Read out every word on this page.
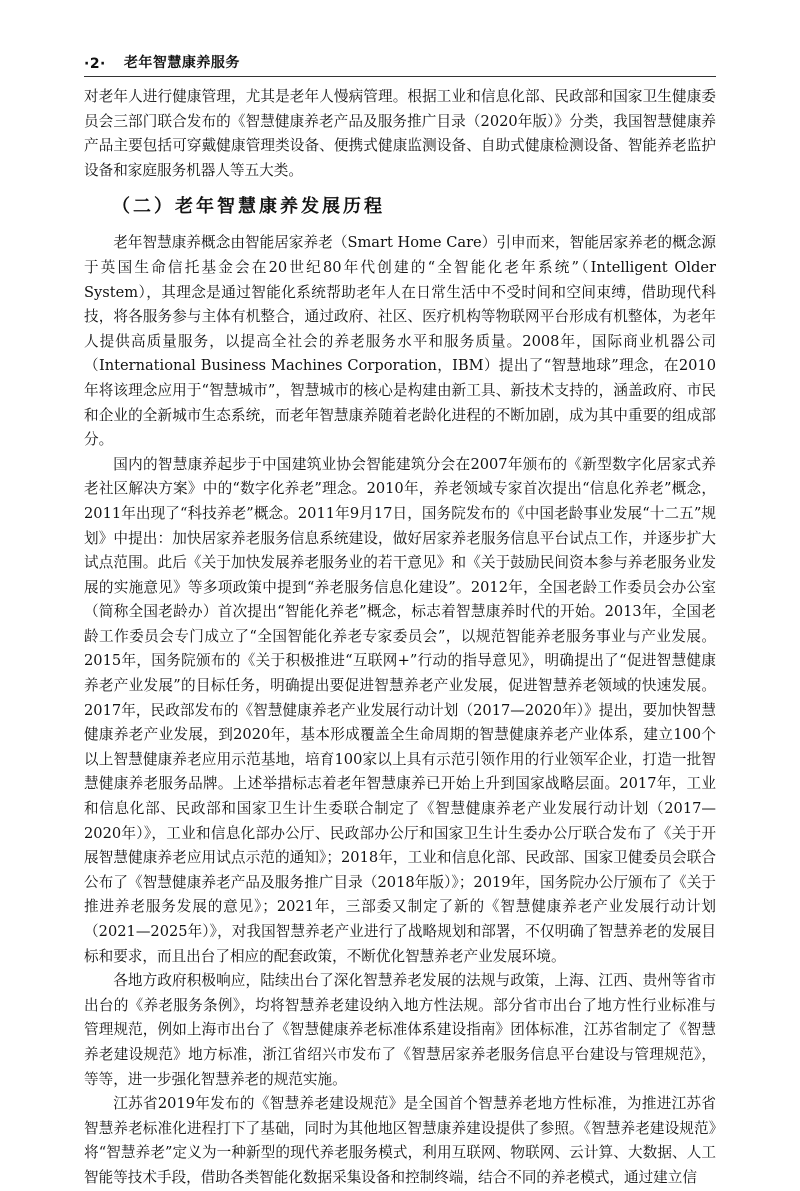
·2· 老年智慧康养服务

对老年人进行健康管理，尤其是老年人慢病管理。根据工业和信息化部、民政部和国家卫生健康委员会三部门联合发布的《智慧健康养老产品及服务推广目录（2020年版）》分类，我国智慧健康养产品主要包括可穿戴健康管理类设备、便携式健康监测设备、自助式健康检测设备、智能养老监护设备和家庭服务机器人等五大类。

（二）老年智慧康养发展历程

老年智慧康养概念由智能居家养老（Smart Home Care）引申而来，智能居家养老的概念源于英国生命信托基金会在20世纪80年代创建的“全智能化老年系统”（Intelligent Older System），其理念是通过智能化系统帮助老年人在日常生活中不受时间和空间束缚，借助现代科技，将各服务参与主体有机整合，通过政府、社区、医疗机构等物联网平台形成有机整体，为老年人提供高质量服务，以提高全社会的养老服务水平和服务质量。2008年，国际商业机器公司（International Business Machines Corporation，IBM）提出了“智慧地球”理念，在2010年将该理念应用于“智慧城市”，智慧城市的核心是构建由新工具、新技术支持的，涵盖政府、市民和企业的全新城市生态系统，而老年智慧康养随着老龄化进程的不断加剧，成为其中重要的组成部分。

国内的智慧康养起步于中国建筑业协会智能建筑分会在2007年颁布的《新型数字化居家式养老社区解决方案》中的“数字化养老”理念。2010年，养老领域专家首次提出“信息化养老”概念，2011年出现了“科技养老”概念。2011年9月17日，国务院发布的《中国老龄事业发展“十二五”规划》中提出：加快居家养老服务信息系统建设，做好居家养老服务信息平台试点工作，并逐步扩大试点范围。此后《关于加快发展养老服务业的若干意见》和《关于鼓励民间资本参与养老服务业发展的实施意见》等多项政策中提到“养老服务信息化建设”。2012年，全国老龄工作委员会办公室（简称全国老龄办）首次提出“智能化养老”概念，标志着智慧康养时代的开始。2013年，全国老龄工作委员会专门成立了“全国智能化养老专家委员会”，以规范智能养老服务事业与产业发展。2015年，国务院颁布的《关于积极推进“互联网+”行动的指导意见》，明确提出了“促进智慧健康养老产业发展”的目标任务，明确提出要促进智慧养老产业发展，促进智慧养老领域的快速发展。2017年，民政部发布的《智慧健康养老产业发展行动计划（2017—2020年）》提出，要加快智慧健康养老产业发展，到2020年，基本形成覆盖全生命周期的智慧健康养老产业体系，建立100个以上智慧健康养老应用示范基地，培育100家以上具有示范引领作用的行业领军企业，打造一批智慧健康养老服务品牌。上述举措标志着老年智慧康养已开始上升到国家战略层面。2017年，工业和信息化部、民政部和国家卫生计生委联合制定了《智慧健康养老产业发展行动计划（2017—2020年）》，工业和信息化部办公厅、民政部办公厅和国家卫生计生委办公厅联合发布了《关于开展智慧健康养老应用试点示范的通知》；2018年，工业和信息化部、民政部、国家卫健委员会联合公布了《智慧健康养老产品及服务推广目录（2018年版）》；2019年，国务院办公厅颁布了《关于推进养老服务发展的意见》；2021年，三部委又制定了新的《智慧健康养老产业发展行动计划（2021—2025年）》，对我国智慧养老产业进行了战略规划和部署，不仅明确了智慧养老的发展目标和要求，而且出台了相应的配套政策，不断优化智慧养老产业发展环境。

各地方政府积极响应，陆续出台了深化智慧养老发展的法规与政策，上海、江西、贵州等省市出台的《养老服务条例》，均将智慧养老建设纳入地方性法规。部分省市出台了地方性行业标准与管理规范，例如上海市出台了《智慧健康养老标准体系建设指南》团体标准，江苏省制定了《智慧养老建设规范》地方标准，浙江省绍兴市发布了《智慧居家养老服务信息平台建设与管理规范》，等等，进一步强化智慧养老的规范实施。

江苏省2019年发布的《智慧养老建设规范》是全国首个智慧养老地方性标准，为推进江苏省智慧养老标准化进程打下了基础，同时为其他地区智慧康养建设提供了参照。《智慧养老建设规范》将“智慧养老”定义为一种新型的现代养老服务模式，利用互联网、物联网、云计算、大数据、人工智能等技术手段，借助各类智能化数据采集设备和控制终端，结合不同的养老模式，通过建立信
